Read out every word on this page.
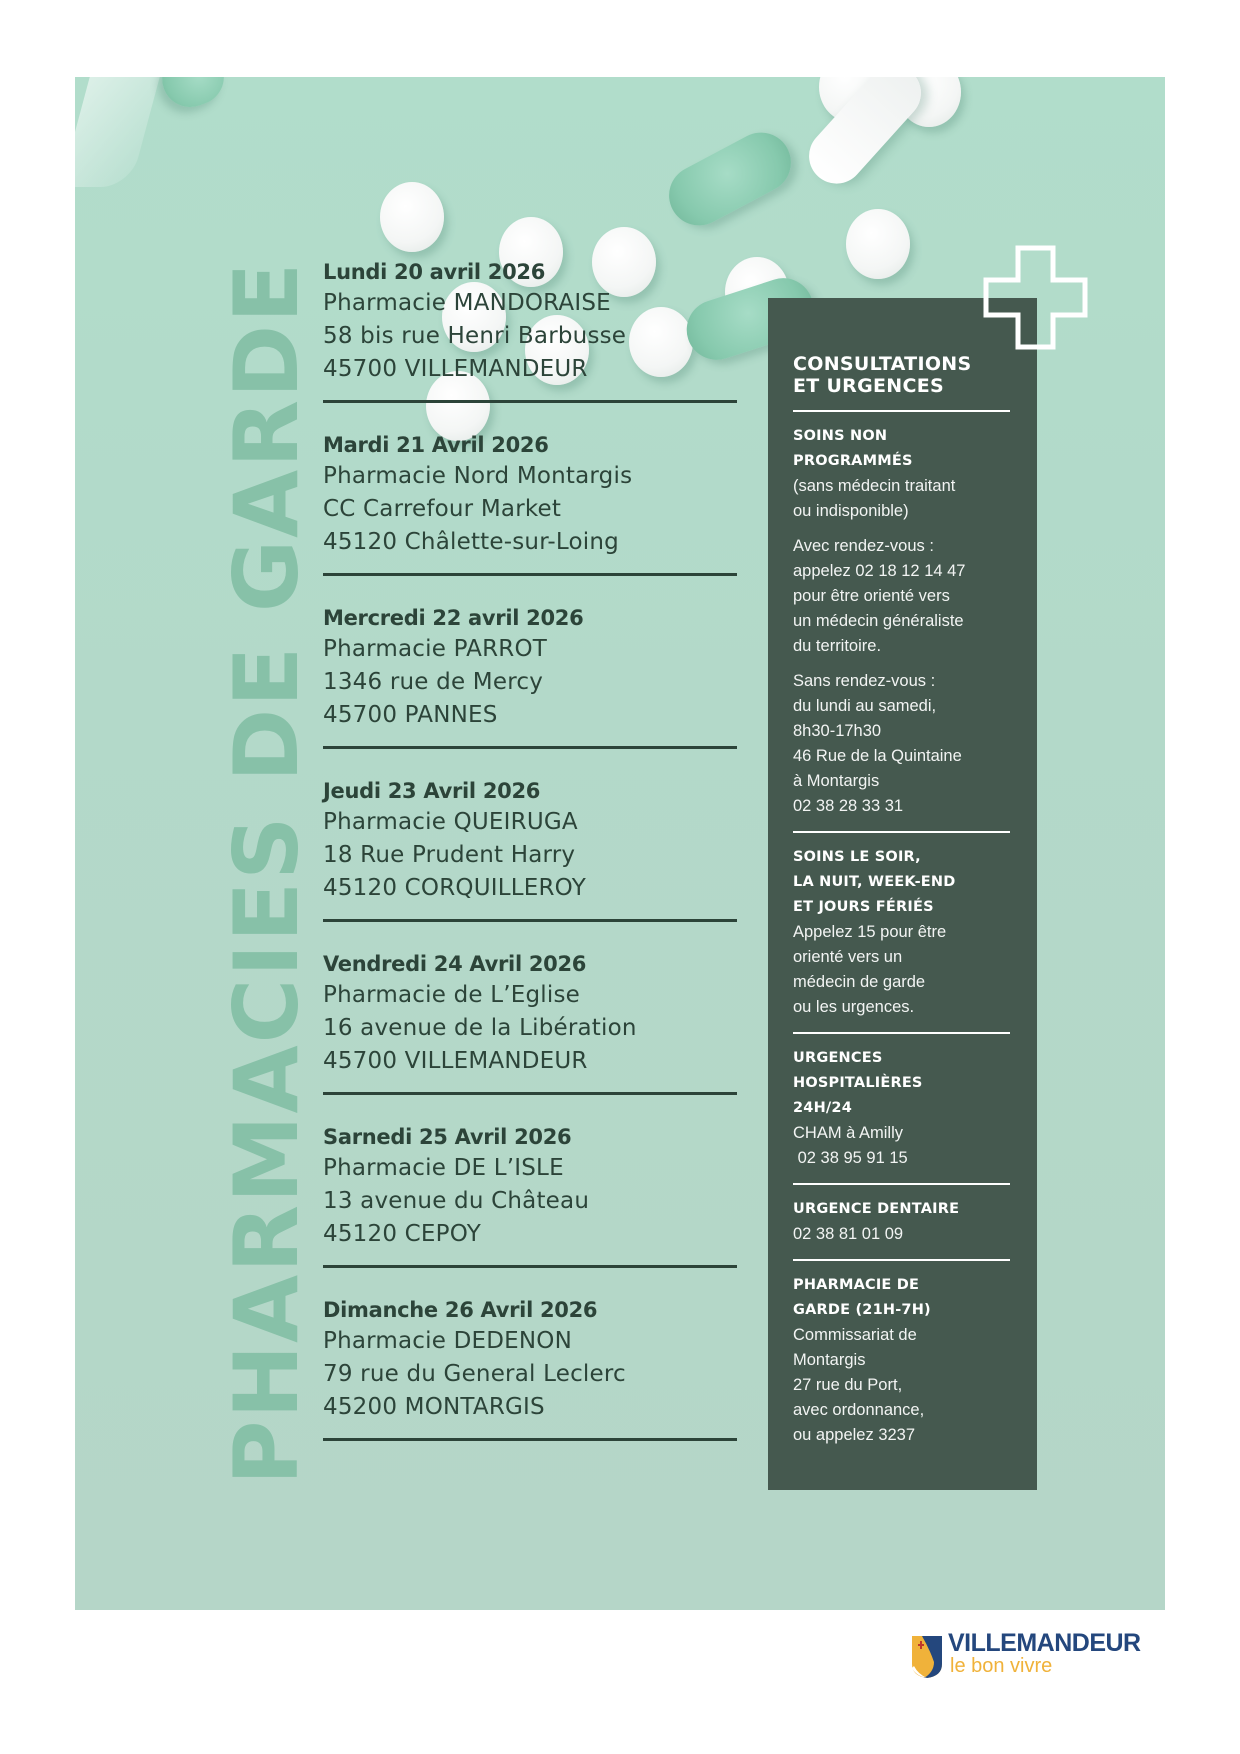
PHARMACIES DE GARDE Lundi 20 avril 2026
Pharmacie MANDORAISE
58 bis rue Henri Barbusse
45700 VILLEMANDEUR
Mardi 21 Avril 2026
Pharmacie Nord Montargis
CC Carrefour Market
45120 Châlette-sur-Loing
Mercredi 22 avril 2026
Pharmacie PARROT
1346 rue de Mercy
45700 PANNES
Jeudi 23 Avril 2026
Pharmacie QUEIRUGA
18 Rue Prudent Harry
45120 CORQUILLEROY
Vendredi 24 Avril 2026
Pharmacie de L’Eglise
16 avenue de la Libération
45700 VILLEMANDEUR
Sarnedi 25 Avril 2026
Pharmacie DE L’ISLE
13 avenue du Château
45120 CEPOY
Dimanche 26 Avril 2026
Pharmacie DEDENON
79 rue du General Leclerc
45200 MONTARGIS
CONSULTATIONS
ET URGENCES
SOINS NON
PROGRAMMÉS
(sans médecin traitant
ou indisponible)
Avec rendez-vous :
appelez 02 18 12 14 47
pour être orienté vers
un médecin généraliste
du territoire.
Sans rendez-vous :
du lundi au samedi,
8h30-17h30
46 Rue de la Quintaine
à Montargis
02 38 28 33 31
SOINS LE SOIR,
LA NUIT, WEEK-END
ET JOURS FÉRIÉS
Appelez 15 pour être
orienté vers un
médecin de garde
ou les urgences.
URGENCES
HOSPITALIÈRES
24H/24
CHAM à Amilly
02 38 95 91 15
URGENCE DENTAIRE
02 38 81 01 09
PHARMACIE DE
GARDE (21H-7H)
Commissariat de
Montargis
27 rue du Port,
avec ordonnance,
ou appelez 3237
VILLEMANDEUR
le bon vivre
